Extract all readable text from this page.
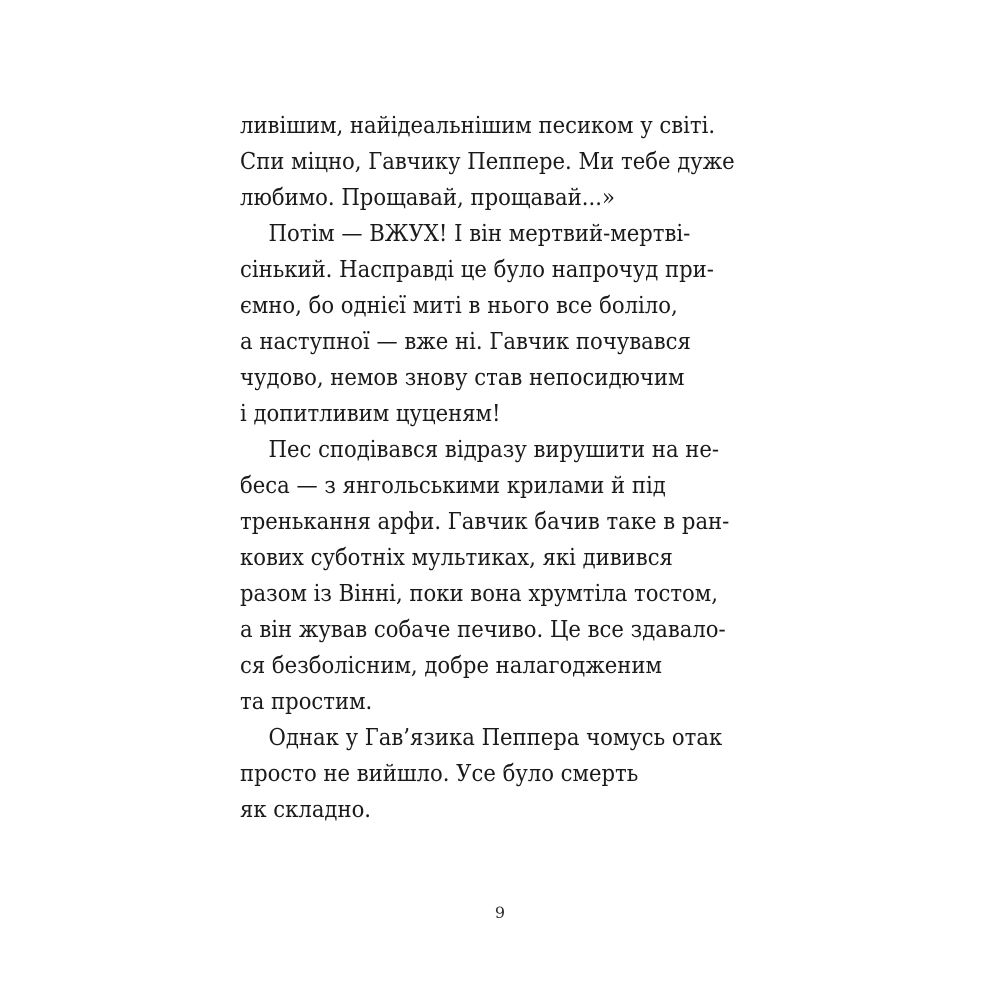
ливішим, найідеальнішим песиком у світі.
Спи міцно, Гавчику Пеппере. Ми тебе дуже
любимо. Прощавай, прощавай...»
Потім — ВЖУХ! І він мертвий-мертві-
сінький. Насправді це було напрочуд при-
ємно, бо однієї миті в нього все боліло,
а наступної — вже ні. Гавчик почувався
чудово, немов знову став непосидючим
і допитливим цуценям!
Пес сподівався відразу вирушити на не-
беса — з янгольськими крилами й під
тренькання арфи. Гавчик бачив таке в ран-
кових суботніх мультиках, які дивився
разом із Вінні, поки вона хрумтіла тостом,
а він жував собаче печиво. Це все здавало-
ся безболісним, добре налагодженим
та простим.
Однак у Гав’язика Пеппера чомусь отак
просто не вийшло. Усе було смерть
як складно.
9
